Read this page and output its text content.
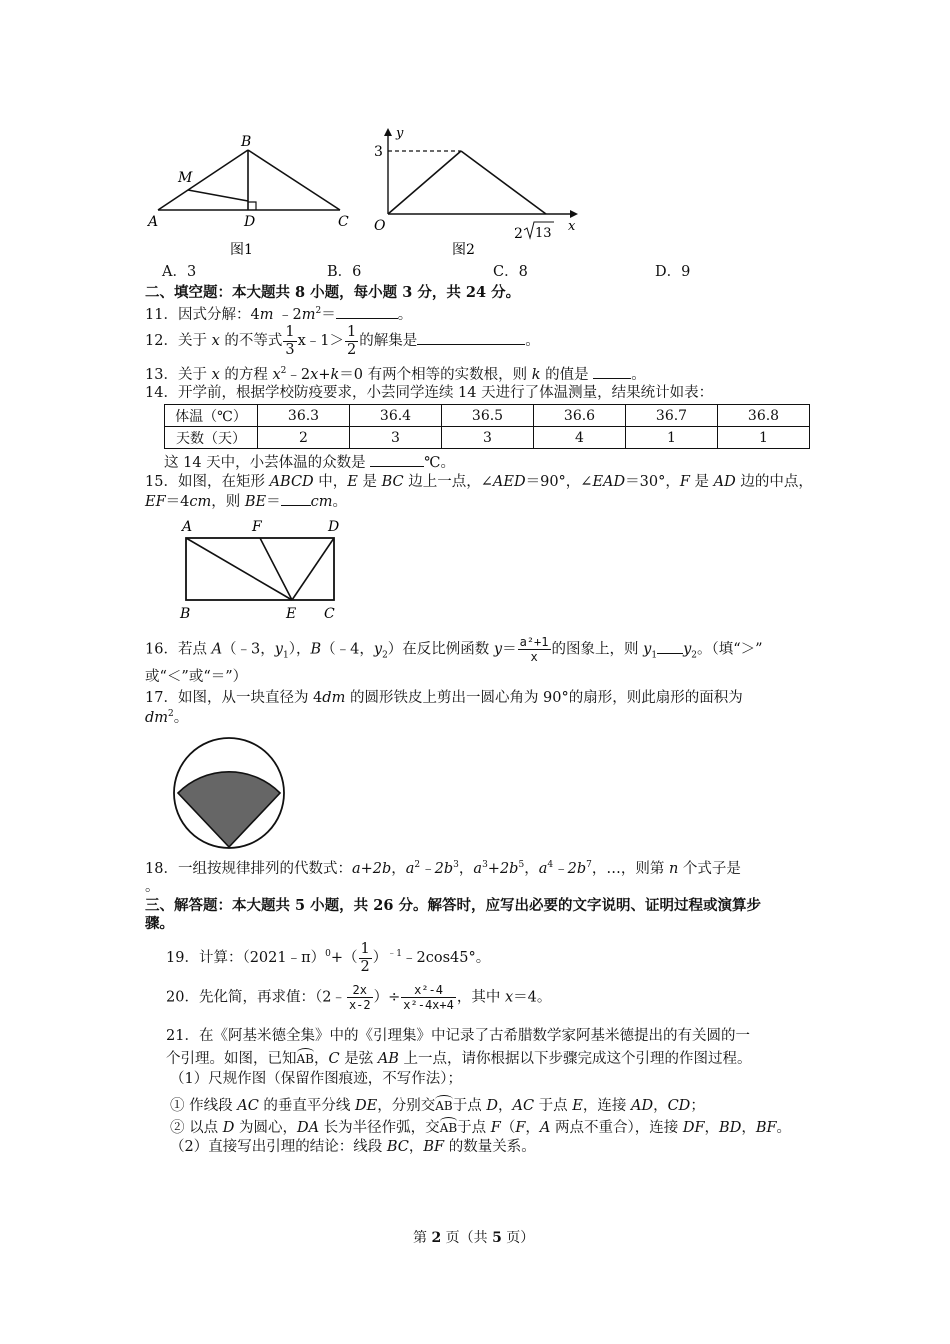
A
B
C
D
M
图1
y
x
O
3
2 13
图2
A．3	B．6	C．8	D．9
二、填空题：本大题共 8 小题，每小题 3 分，共 24 分。
11．因式分解：4m $﹣2m^2=$	。
12．关于 x 的不等式 $\frac{1}{3}$ x﹣1＞ $\frac{1}{2}$ 的解集是	。
13．关于 x 的方程 $x^2﹣2x+k=0$ 有两个相等的实数根，则 k 的值是	。
14．开学前，根据学校防疫要求，小芸同学连续 14 天进行了体温测量，结果统计如表：
体温（℃）	36.3	36.4	36.5	36.6	36.7	36.8
天数（天）	2	3	3	4	1	1
这 14 天中，小芸体温的众数是	℃。
15．如图，在矩形 ABCD 中，E 是 BC 边上一点，∠AED＝90°，∠EAD＝30°，F 是 AD 边的中点，
EF＝4cm，则 BE＝ cm。
A	F	D
B	E C
16．若点 A（﹣3，$y_1$），B（﹣4，$y_2$）在反比例函数 $y= \frac{\text{a²+1}}{x}$ 的图象上，则 $y_1$ $y_2$。（填“＞”
或“＜”或“＝”）
17．如图，从一块直径为 4dm 的圆形铁皮上剪出一圆心角为 90°的扇形，则此扇形的面积为
$dm^2$。
18．一组按规律排列的代数式：a+2b，$a^2﹣2b^3$，$a^3+2b^5$，$a^4﹣2b^7$，…，则第 n 个式子是
。
三、解答题：本大题共 5 小题，共 26 分。解答时，应写出必要的文字说明、证明过程或演算步
骤。
19．计算：（2021﹣π）$^0$+（ $\frac{1}{2}$ ）$^{﹣1}$﹣2cos45°。
20．先化简，再求值：（2﹣ $\frac{2x}{x-2}$ ）÷ $\frac{\text{x²-4}}{\text{x²-4x+4}}$ ，其中 x＝4。
21．在《阿基米德全集》中的《引理集》中记录了古希腊数学家阿基米德提出的有关圆的一
个引理。如图，已知AB，C 是弦 AB 上一点，请你根据以下步骤完成这个引理的作图过程。
（1）尺规作图（保留作图痕迹，不写作法）；
① 作线段 AC 的垂直平分线 DE，分别交AB于点 D，AC 于点 E，连接 AD，CD；
② 以点 D 为圆心，DA 长为半径作弧，交AB于点 F（F，A 两点不重合），连接 DF，BD，BF。
（2）直接写出引理的结论：线段 BC，BF 的数量关系。
第 2 页（共 5 页）
